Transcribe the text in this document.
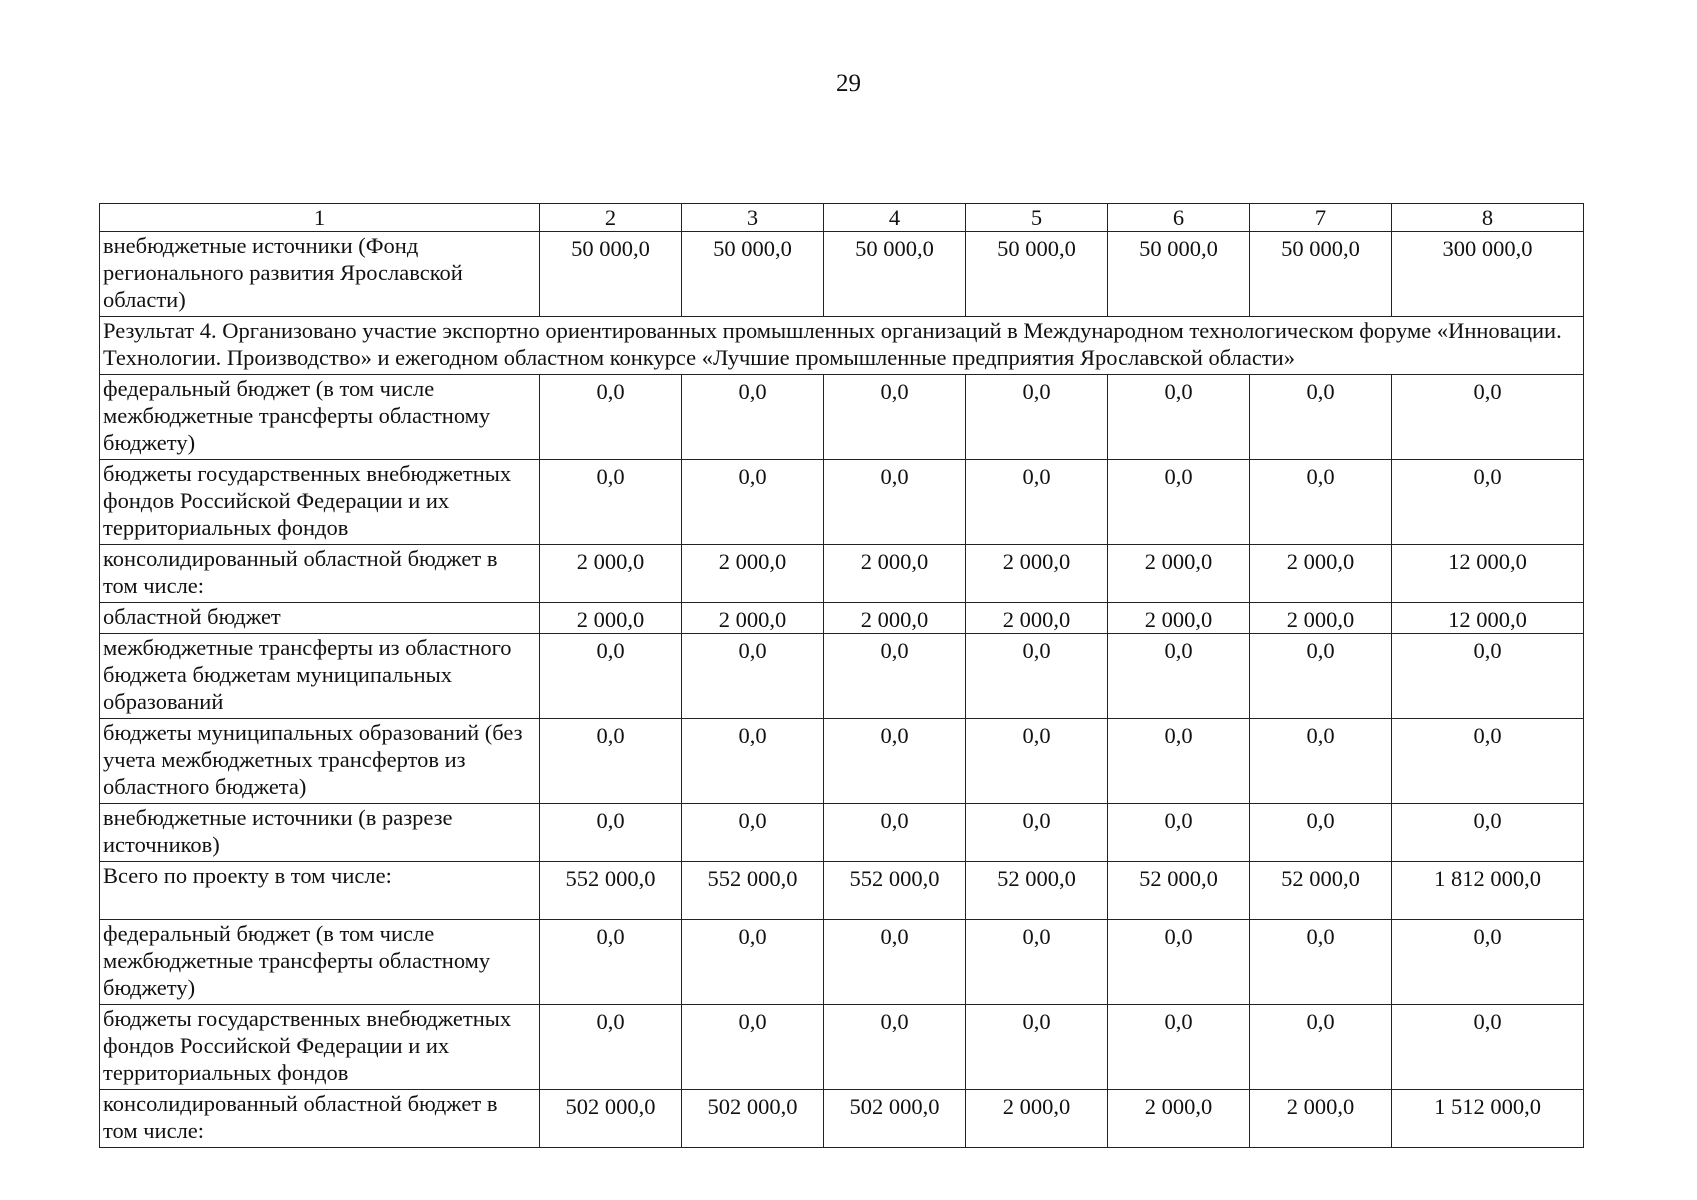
29
1	2	3	4	5	6	7	8
внебюджетные источники (Фонд регионального развития Ярославской области)	50 000,0	50 000,0	50 000,0	50 000,0	50 000,0	50 000,0	300 000,0
Результат 4. Организовано участие экспортно ориентированных промышленных организаций в Международном технологическом форуме «Инновации. Технологии. Производство» и ежегодном областном конкурсе «Лучшие промышленные предприятия Ярославской области»							
федеральный бюджет (в том числе межбюджетные трансферты областному бюджету)	0,0	0,0	0,0	0,0	0,0	0,0	0,0
бюджеты государственных внебюджетных фондов Российской Федерации и их территориальных фондов	0,0	0,0	0,0	0,0	0,0	0,0	0,0
консолидированный областной бюджет в том числе:	2 000,0	2 000,0	2 000,0	2 000,0	2 000,0	2 000,0	12 000,0
областной бюджет	2 000,0	2 000,0	2 000,0	2 000,0	2 000,0	2 000,0	12 000,0
межбюджетные трансферты из областного бюджета бюджетам муниципальных образований	0,0	0,0	0,0	0,0	0,0	0,0	0,0
бюджеты муниципальных образований (без учета межбюджетных трансфертов из областного бюджета)	0,0	0,0	0,0	0,0	0,0	0,0	0,0
внебюджетные источники (в разрезе источников)	0,0	0,0	0,0	0,0	0,0	0,0	0,0
Всего по проекту в том числе:	552 000,0	552 000,0	552 000,0	52 000,0	52 000,0	52 000,0	1 812 000,0
федеральный бюджет (в том числе межбюджетные трансферты областному бюджету)	0,0	0,0	0,0	0,0	0,0	0,0	0,0
бюджеты государственных внебюджетных фондов Российской Федерации и их территориальных фондов	0,0	0,0	0,0	0,0	0,0	0,0	0,0
консолидированный областной бюджет в том числе:	502 000,0	502 000,0	502 000,0	2 000,0	2 000,0	2 000,0	1 512 000,0
